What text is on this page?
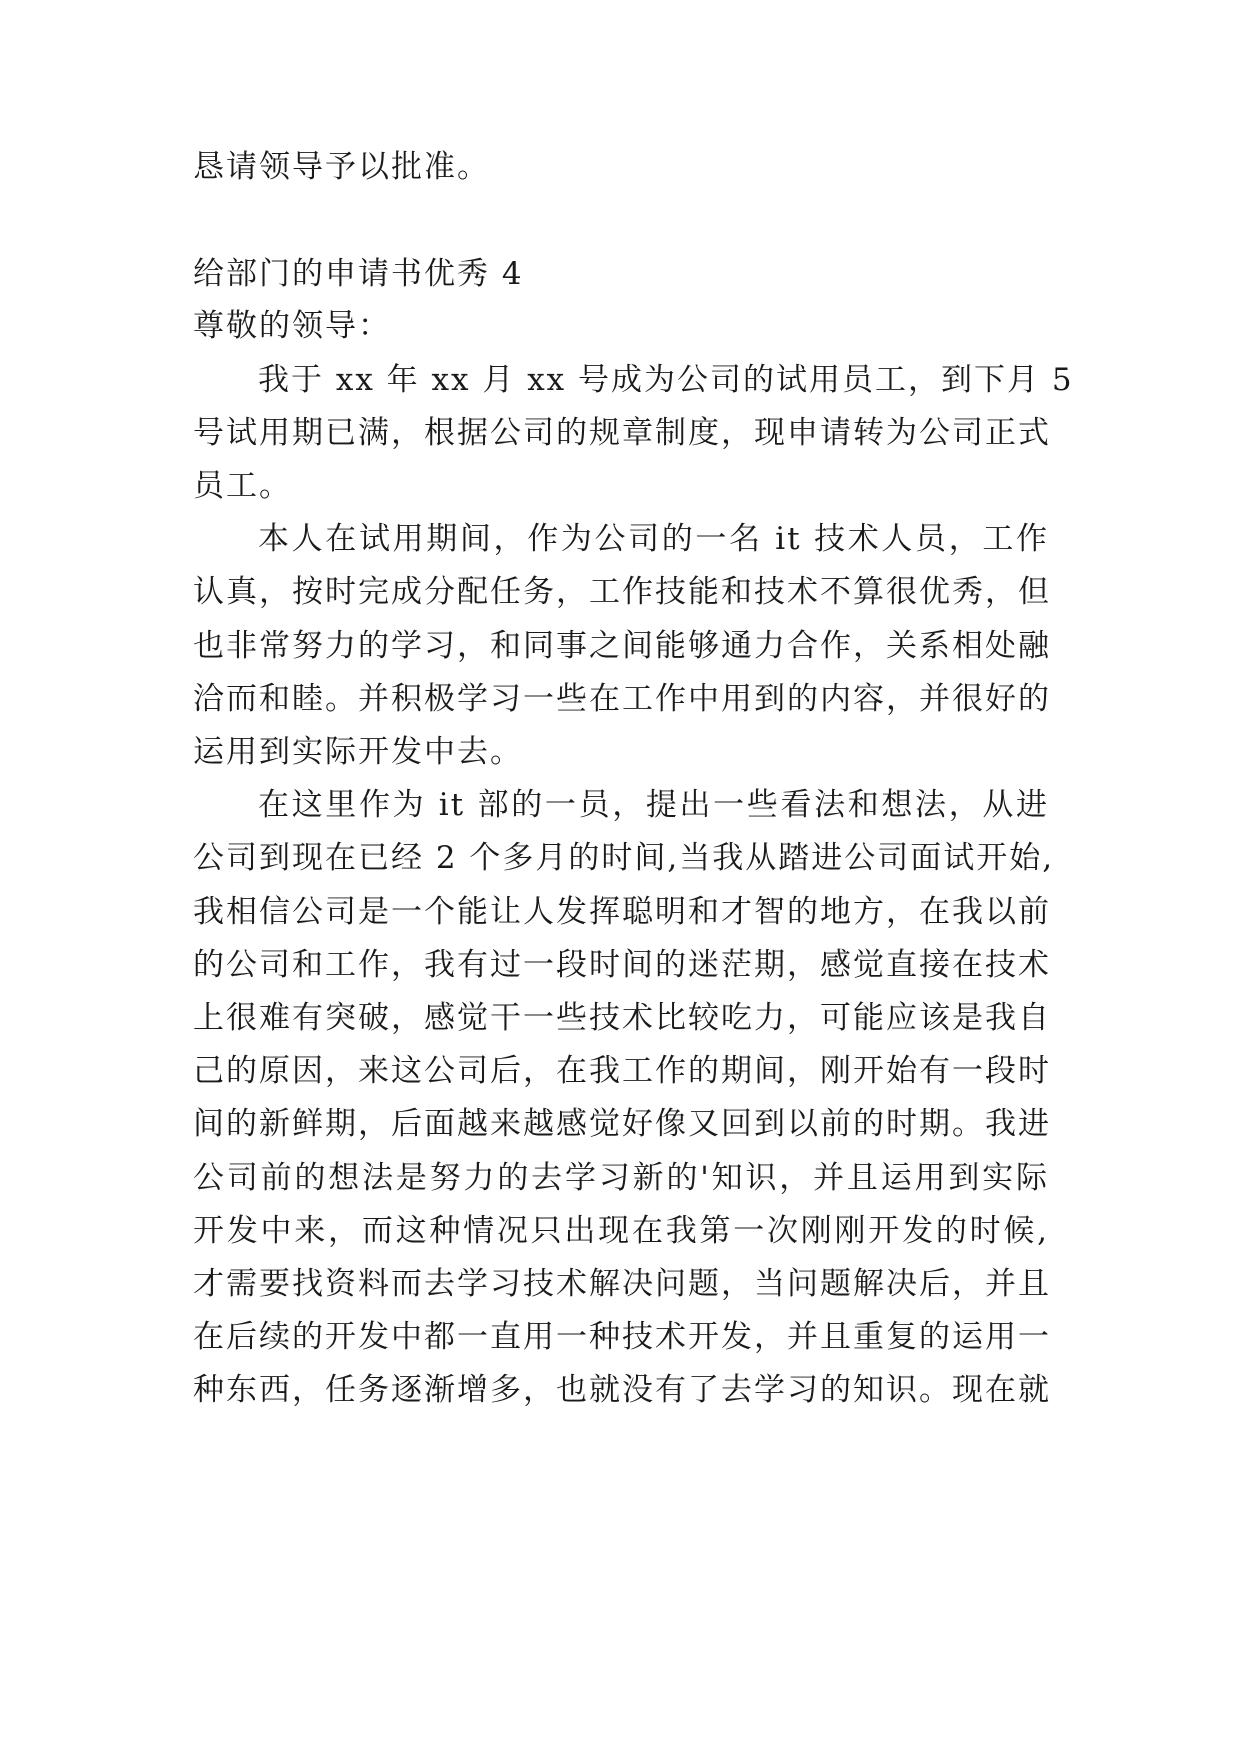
恳请领导予以批准。
给部门的申请书优秀 4
尊敬的领导：
我于 xx 年 xx 月 xx 号成为公司的试用员工，到下月 5
号试用期已满，根据公司的规章制度，现申请转为公司正式
员工。
本人在试用期间，作为公司的一名 it 技术人员，工作
认真，按时完成分配任务，工作技能和技术不算很优秀，但
也非常努力的学习，和同事之间能够通力合作，关系相处融
洽而和睦。并积极学习一些在工作中用到的内容，并很好的
运用到实际开发中去。
在这里作为 it 部的一员，提出一些看法和想法，从进
公司到现在已经 2 个多月的时间,当我从踏进公司面试开始,
我相信公司是一个能让人发挥聪明和才智的地方，在我以前
的公司和工作，我有过一段时间的迷茫期，感觉直接在技术
上很难有突破，感觉干一些技术比较吃力，可能应该是我自
己的原因，来这公司后，在我工作的期间，刚开始有一段时
间的新鲜期，后面越来越感觉好像又回到以前的时期。我进
公司前的想法是努力的去学习新的'知识，并且运用到实际
开发中来，而这种情况只出现在我第一次刚刚开发的时候,
才需要找资料而去学习技术解决问题，当问题解决后，并且
在后续的开发中都一直用一种技术开发，并且重复的运用一
种东西，任务逐渐增多，也就没有了去学习的知识。现在就
